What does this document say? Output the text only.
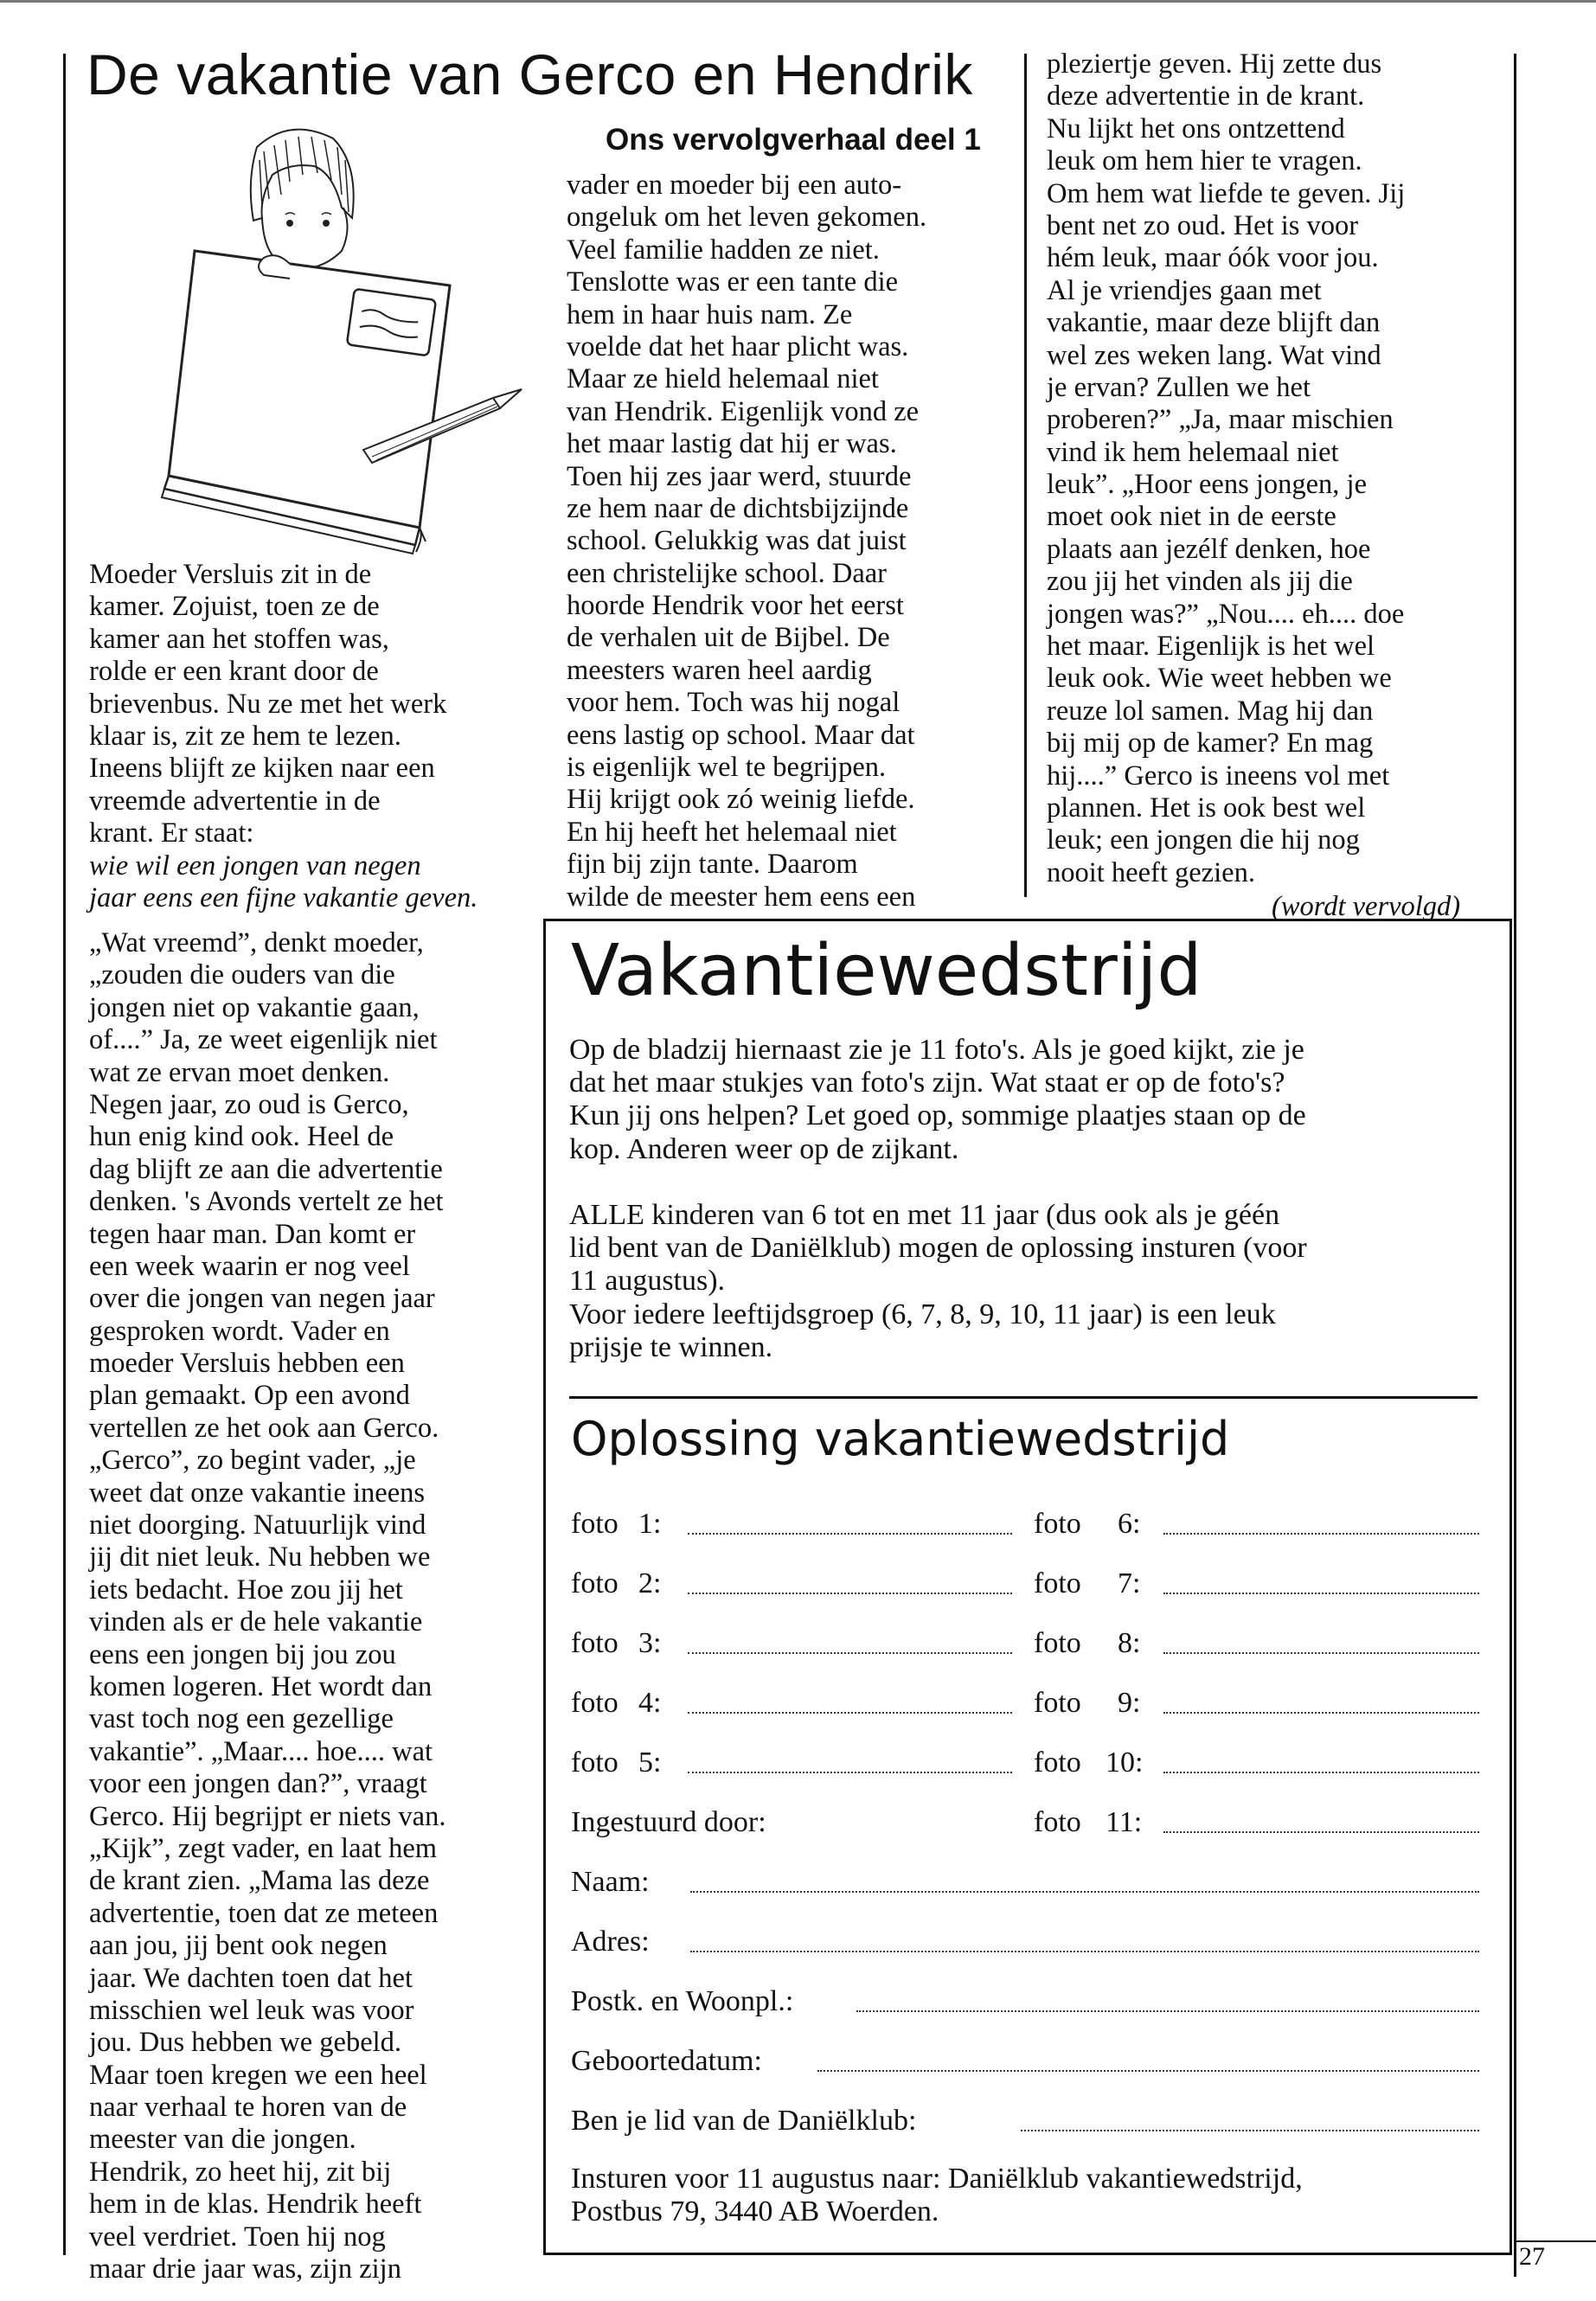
De vakantie van Gerco en Hendrik
Ons vervolgverhaal deel 1
Moeder Versluis zit in de
kamer. Zojuist, toen ze de
kamer aan het stoffen was,
rolde er een krant door de
brievenbus. Nu ze met het werk
klaar is, zit ze hem te lezen.
Ineens blijft ze kijken naar een
vreemde advertentie in de
krant. Er staat:
wie wil een jongen van negen
jaar eens een fijne vakantie geven.
„Wat vreemd”, denkt moeder,
„zouden die ouders van die
jongen niet op vakantie gaan,
of....” Ja, ze weet eigenlijk niet
wat ze ervan moet denken.
Negen jaar, zo oud is Gerco,
hun enig kind ook. Heel de
dag blijft ze aan die advertentie
denken. 's Avonds vertelt ze het
tegen haar man. Dan komt er
een week waarin er nog veel
over die jongen van negen jaar
gesproken wordt. Vader en
moeder Versluis hebben een
plan gemaakt. Op een avond
vertellen ze het ook aan Gerco.
„Gerco”, zo begint vader, „je
weet dat onze vakantie ineens
niet doorging. Natuurlijk vind
jij dit niet leuk. Nu hebben we
iets bedacht. Hoe zou jij het
vinden als er de hele vakantie
eens een jongen bij jou zou
komen logeren. Het wordt dan
vast toch nog een gezellige
vakantie”. „Maar.... hoe.... wat
voor een jongen dan?”, vraagt
Gerco. Hij begrijpt er niets van.
„Kijk”, zegt vader, en laat hem
de krant zien. „Mama las deze
advertentie, toen dat ze meteen
aan jou, jij bent ook negen
jaar. We dachten toen dat het
misschien wel leuk was voor
jou. Dus hebben we gebeld.
Maar toen kregen we een heel
naar verhaal te horen van de
meester van die jongen.
Hendrik, zo heet hij, zit bij
hem in de klas. Hendrik heeft
veel verdriet. Toen hij nog
maar drie jaar was, zijn zijn
vader en moeder bij een auto-
ongeluk om het leven gekomen.
Veel familie hadden ze niet.
Tenslotte was er een tante die
hem in haar huis nam. Ze
voelde dat het haar plicht was.
Maar ze hield helemaal niet
van Hendrik. Eigenlijk vond ze
het maar lastig dat hij er was.
Toen hij zes jaar werd, stuurde
ze hem naar de dichtsbijzijnde
school. Gelukkig was dat juist
een christelijke school. Daar
hoorde Hendrik voor het eerst
de verhalen uit de Bijbel. De
meesters waren heel aardig
voor hem. Toch was hij nogal
eens lastig op school. Maar dat
is eigenlijk wel te begrijpen.
Hij krijgt ook zó weinig liefde.
En hij heeft het helemaal niet
fijn bij zijn tante. Daarom
wilde de meester hem eens een
pleziertje geven. Hij zette dus
deze advertentie in de krant.
Nu lijkt het ons ontzettend
leuk om hem hier te vragen.
Om hem wat liefde te geven. Jij
bent net zo oud. Het is voor
hém leuk, maar óók voor jou.
Al je vriendjes gaan met
vakantie, maar deze blijft dan
wel zes weken lang. Wat vind
je ervan? Zullen we het
proberen?” „Ja, maar mischien
vind ik hem helemaal niet
leuk”. „Hoor eens jongen, je
moet ook niet in de eerste
plaats aan jezélf denken, hoe
zou jij het vinden als jij die
jongen was?” „Nou.... eh.... doe
het maar. Eigenlijk is het wel
leuk ook. Wie weet hebben we
reuze lol samen. Mag hij dan
bij mij op de kamer? En mag
hij....” Gerco is ineens vol met
plannen. Het is ook best wel
leuk; een jongen die hij nog
nooit heeft gezien.
(wordt vervolgd)
Vakantiewedstrijd
Op de bladzij hiernaast zie je 11 foto's. Als je goed kijkt, zie je
dat het maar stukjes van foto's zijn. Wat staat er op de foto's?
Kun jij ons helpen? Let goed op, sommige plaatjes staan op de
kop. Anderen weer op de zijkant.
ALLE kinderen van 6 tot en met 11 jaar (dus ook als je géén
lid bent van de Daniëlklub) mogen de oplossing insturen (voor
11 augustus).
Voor iedere leeftijdsgroep (6, 7, 8, 9, 10, 11 jaar) is een leuk
prijsje te winnen.
Oplossing vakantiewedstrijd
foto 1:
foto 2:
foto 3:
foto 4:
foto 5:
foto 6:
foto 7:
foto 8:
foto 9:
foto 10:
foto 11:
Ingestuurd door:
Naam:
Adres:
Postk. en Woonpl.:
Geboortedatum:
Ben je lid van de Daniëlklub:
Insturen voor 11 augustus naar: Daniëlklub vakantiewedstrijd,
Postbus 79, 3440 AB Woerden.
27
